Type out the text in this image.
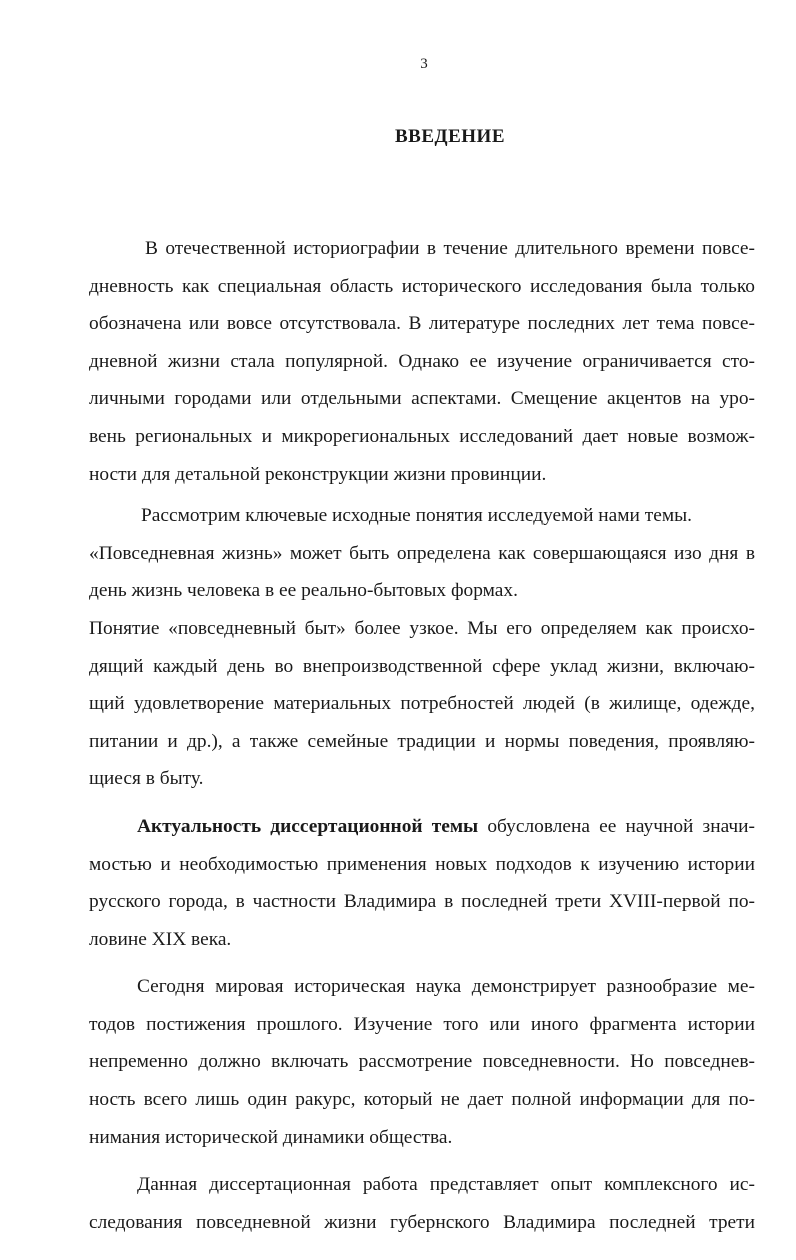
3
ВВЕДЕНИЕ
В отечественной историографии в течение длительного времени повсе-
дневность как специальная область исторического исследования была только
обозначена или вовсе отсутствовала. В литературе последних лет тема повсе-
дневной жизни стала популярной. Однако ее изучение ограничивается сто-
личными городами или отдельными аспектами. Смещение акцентов на уро-
вень региональных и микрорегиональных исследований дает новые возмож-
ности для детальной реконструкции жизни провинции.
Рассмотрим ключевые исходные понятия исследуемой нами темы.
«Повседневная жизнь» может быть определена как совершающаяся изо дня в
день жизнь человека в ее реально-бытовых формах.
Понятие «повседневный быт» более узкое. Мы его определяем как происхо-
дящий каждый день во внепроизводственной сфере уклад жизни, включаю-
щий удовлетворение материальных потребностей людей (в жилище, одежде,
питании и др.), а также семейные традиции и нормы поведения, проявляю-
щиеся в быту.
Актуальность диссертационной темы обусловлена ее научной значи-
мостью и необходимостью применения новых подходов к изучению истории
русского города, в частности Владимира в последней трети XVIII-первой по-
ловине XIX века.
Сегодня мировая историческая наука демонстрирует разнообразие ме-
тодов постижения прошлого. Изучение того или иного фрагмента истории
непременно должно включать рассмотрение повседневности. Но повседнев-
ность всего лишь один ракурс, который не дает полной информации для по-
нимания исторической динамики общества.
Данная диссертационная работа представляет опыт комплексного ис-
следования повседневной жизни губернского Владимира последней трети
